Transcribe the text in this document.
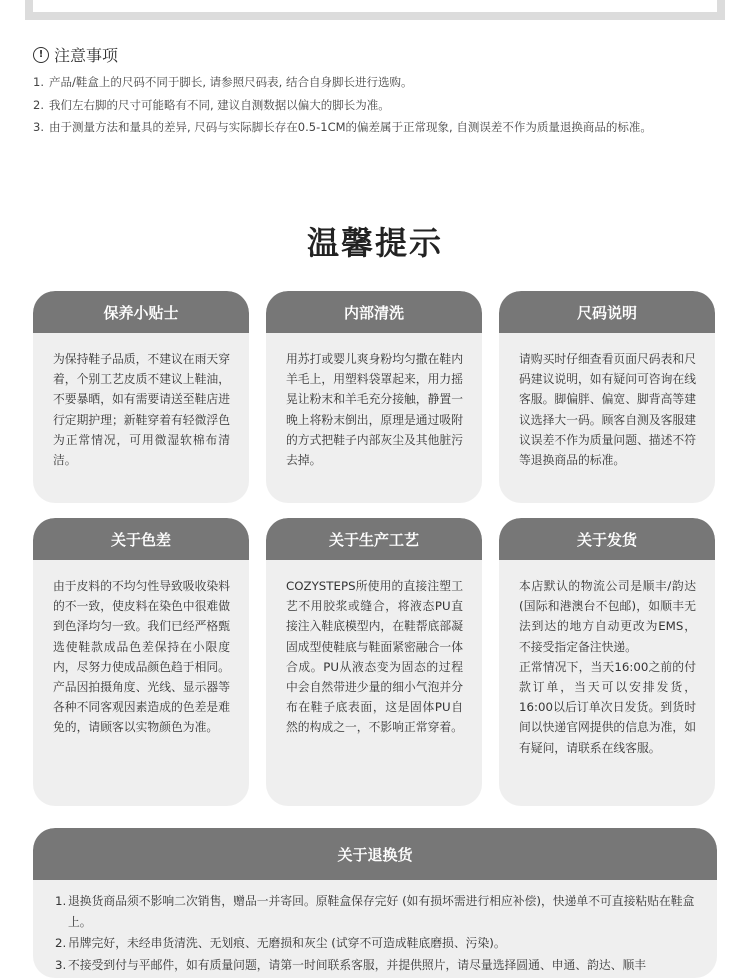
! 注意事项
1. 产品/鞋盒上的尺码不同于脚长, 请参照尺码表, 结合自身脚长进行选购。
2. 我们左右脚的尺寸可能略有不同, 建议自测数据以偏大的脚长为准。
3. 由于测量方法和量具的差异, 尺码与实际脚长存在0.5-1CM的偏差属于正常现象, 自测误差不作为质量退换商品的标准。
温馨提示
保养小贴士
为保持鞋子品质，不建议在雨天穿着，个别工艺皮质不建议上鞋油，不要暴晒，如有需要请送至鞋店进行定期护理；新鞋穿着有轻微浮色为正常情况，可用微湿软棉布清洁。
内部清洗
用苏打或婴儿爽身粉均匀撒在鞋内羊毛上，用塑料袋罩起来，用力摇晃让粉末和羊毛充分接触，静置一晚上将粉末倒出，原理是通过吸附的方式把鞋子内部灰尘及其他脏污去掉。
尺码说明
请购买时仔细查看页面尺码表和尺码建议说明，如有疑问可咨询在线客服。脚偏胖、偏宽、脚背高等建议选择大一码。顾客自测及客服建议误差不作为质量问题、描述不符等退换商品的标准。
关于色差
由于皮料的不均匀性导致吸收染料的不一致，使皮料在染色中很难做到色泽均匀一致。我们已经严格甄选使鞋款成品色差保持在小限度内，尽努力使成品颜色趋于相同。
产品因拍摄角度、光线、显示器等各种不同客观因素造成的色差是难免的，请顾客以实物颜色为准。
关于生产工艺
COZYSTEPS所使用的直接注塑工艺不用胶浆或缝合，将液态PU直接注入鞋底模型内，在鞋帮底部凝固成型使鞋底与鞋面紧密融合一体合成。PU从液态变为固态的过程中会自然带进少量的细小气泡并分布在鞋子底表面，这是固体PU自然的构成之一，不影响正常穿着。
关于发货
本店默认的物流公司是顺丰/韵达(国际和港澳台不包邮)，如顺丰无法到达的地方自动更改为EMS，不接受指定备注快递。
正常情况下，当天16:00之前的付款订单，当天可以安排发货，16:00以后订单次日发货。到货时间以快递官网提供的信息为准，如有疑问，请联系在线客服。
关于退换货
1. 退换货商品须不影响二次销售，赠品一并寄回。原鞋盒保存完好 (如有损坏需进行相应补偿)，快递单不可直接粘贴在鞋盒上。
2. 吊牌完好，未经串货清洗、无划痕、无磨损和灰尘 (试穿不可造成鞋底磨损、污染)。
3. 不接受到付与平邮件，如有质量问题，请第一时间联系客服，并提供照片，请尽量选择圆通、申通、韵达、顺丰
